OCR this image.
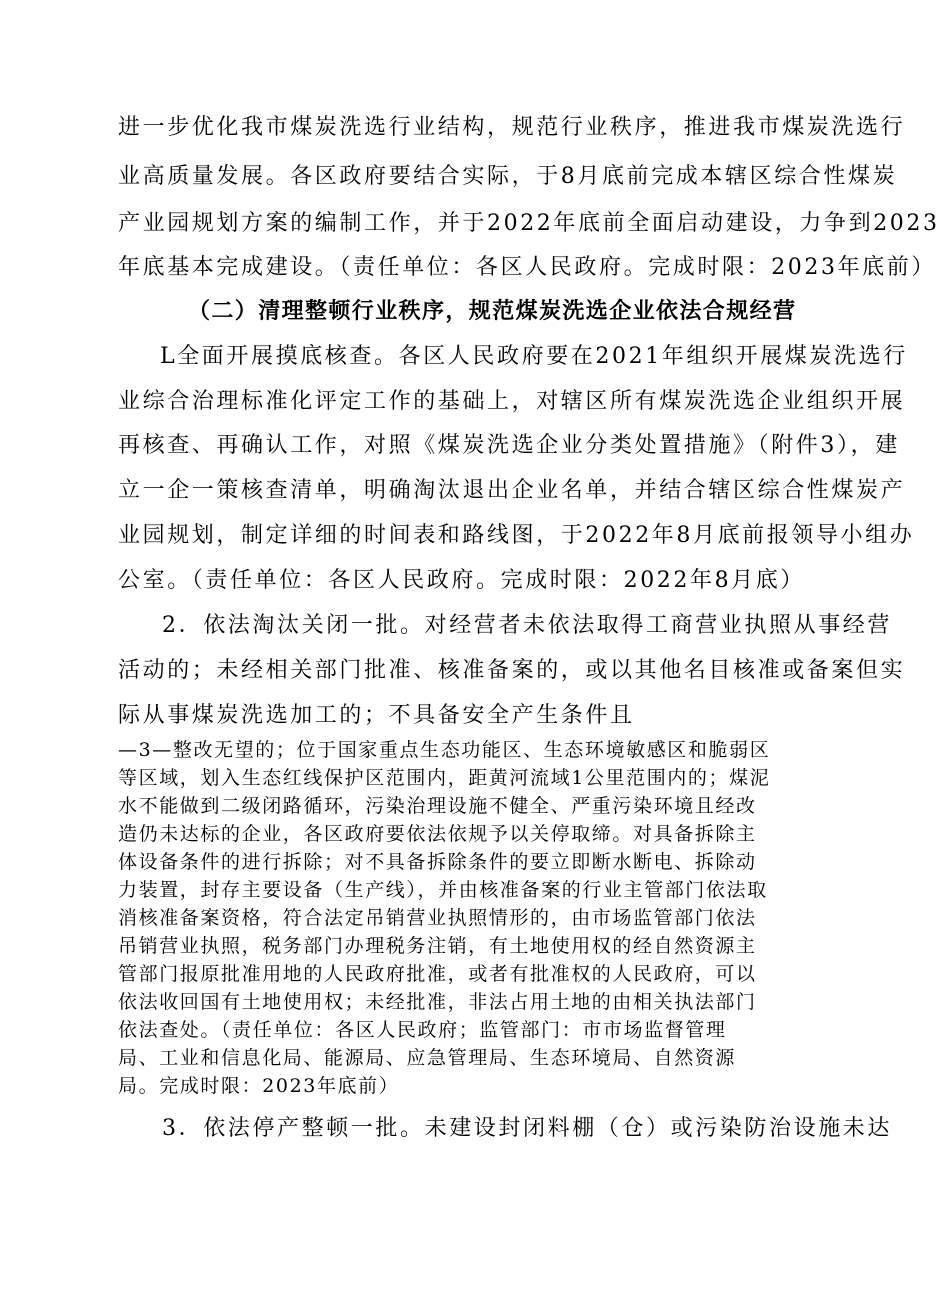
进一步优化我市煤炭洗选行业结构，规范行业秩序，推进我市煤炭洗选行
业高质量发展。各区政府要结合实际，于8月底前完成本辖区综合性煤炭
产业园规划方案的编制工作，并于2022年底前全面启动建设，力争到2023
年底基本完成建设。（责任单位：各区人民政府。完成时限：2023年底前）
（二）清理整顿行业秩序，规范煤炭洗选企业依法合规经营
L全面开展摸底核查。各区人民政府要在2021年组织开展煤炭洗选行
业综合治理标准化评定工作的基础上，对辖区所有煤炭洗选企业组织开展
再核查、再确认工作，对照《煤炭洗选企业分类处置措施》（附件3），建
立一企一策核查清单，明确淘汰退出企业名单，并结合辖区综合性煤炭产
业园规划，制定详细的时间表和路线图，于2022年8月底前报领导小组办
公室。（责任单位：各区人民政府。完成时限：2022年8月底）
2．依法淘汰关闭一批。对经营者未依法取得工商营业执照从事经营
活动的；未经相关部门批准、核准备案的，或以其他名目核准或备案但实
际从事煤炭洗选加工的；不具备安全产生条件且
—3—整改无望的；位于国家重点生态功能区、生态环境敏感区和脆弱区
等区域，划入生态红线保护区范围内，距黄河流域1公里范围内的；煤泥
水不能做到二级闭路循环，污染治理设施不健全、严重污染环境且经改
造仍未达标的企业，各区政府要依法依规予以关停取缔。对具备拆除主
体设备条件的进行拆除；对不具备拆除条件的要立即断水断电、拆除动
力装置，封存主要设备（生产线），并由核准备案的行业主管部门依法取
消核准备案资格，符合法定吊销营业执照情形的，由市场监管部门依法
吊销营业执照，税务部门办理税务注销，有土地使用权的经自然资源主
管部门报原批准用地的人民政府批准，或者有批准权的人民政府，可以
依法收回国有土地使用权；未经批准，非法占用土地的由相关执法部门
依法查处。（责任单位：各区人民政府；监管部门：市市场监督管理
局、工业和信息化局、能源局、应急管理局、生态环境局、自然资源
局。完成时限：2023年底前）
3．依法停产整顿一批。未建设封闭料棚（仓）或污染防治设施未达
